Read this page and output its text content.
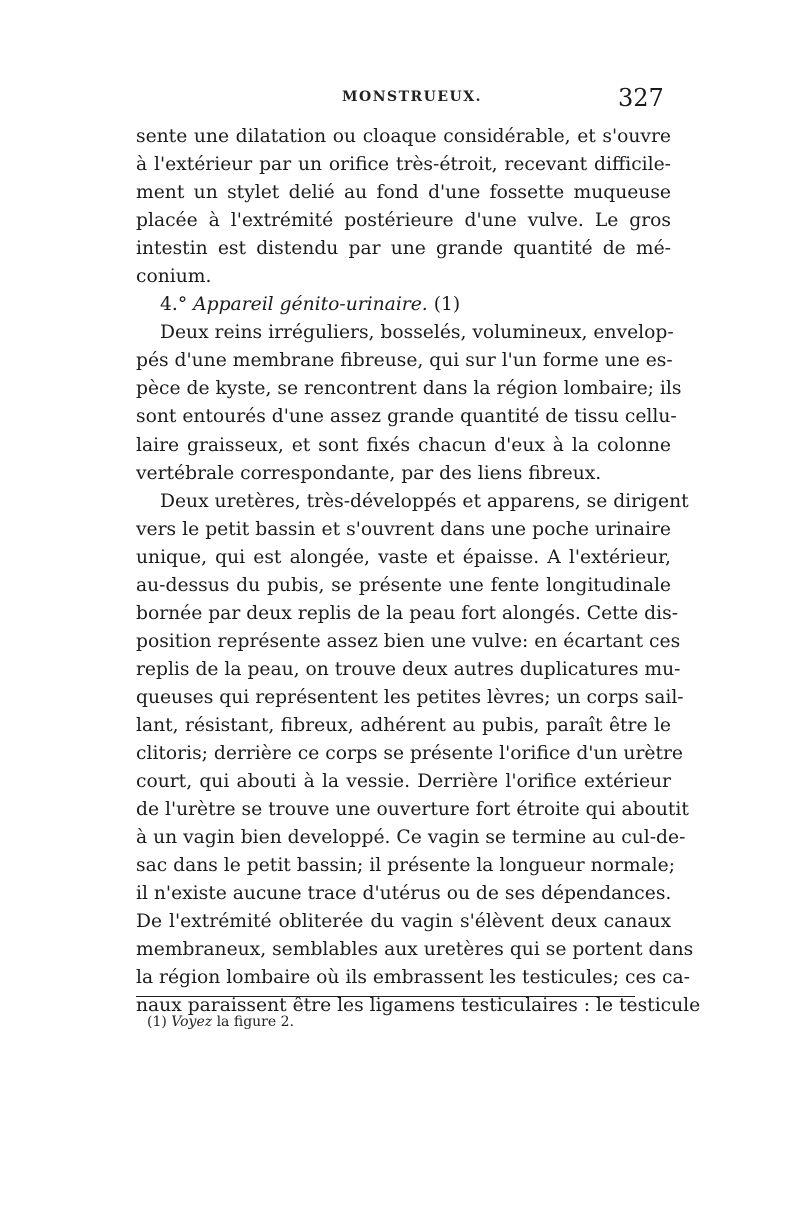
MONSTRUEUX.	327
sente une dilatation ou cloaque considérable, et s'ouvre
à l'extérieur par un orifice très-étroit, recevant difficile-
ment un stylet delié au fond d'une fossette muqueuse
placée à l'extrémité postérieure d'une vulve. Le gros
intestin est distendu par une grande quantité de mé-
conium.
4.° Appareil génito-urinaire. (1)
Deux reins irréguliers, bosselés, volumineux, envelop-
pés d'une membrane fibreuse, qui sur l'un forme une es-
pèce de kyste, se rencontrent dans la région lombaire; ils
sont entourés d'une assez grande quantité de tissu cellu-
laire graisseux, et sont fixés chacun d'eux à la colonne
vertébrale correspondante, par des liens fibreux.
Deux uretères, très-développés et apparens, se dirigent
vers le petit bassin et s'ouvrent dans une poche urinaire
unique, qui est alongée, vaste et épaisse. A l'extérieur,
au-dessus du pubis, se présente une fente longitudinale
bornée par deux replis de la peau fort alongés. Cette dis-
position représente assez bien une vulve: en écartant ces
replis de la peau, on trouve deux autres duplicatures mu-
queuses qui représentent les petites lèvres; un corps sail-
lant, résistant, fibreux, adhérent au pubis, paraît être le
clitoris; derrière ce corps se présente l'orifice d'un urètre
court, qui abouti à la vessie. Derrière l'orifice extérieur
de l'urètre se trouve une ouverture fort étroite qui aboutit
à un vagin bien developpé. Ce vagin se termine au cul-de-
sac dans le petit bassin; il présente la longueur normale;
il n'existe aucune trace d'utérus ou de ses dépendances.
De l'extrémité obliterée du vagin s'élèvent deux canaux
membraneux, semblables aux uretères qui se portent dans
la région lombaire où ils embrassent les testicules; ces ca-
naux paraissent être les ligamens testiculaires : le testicule
(1) Voyez la figure 2.
